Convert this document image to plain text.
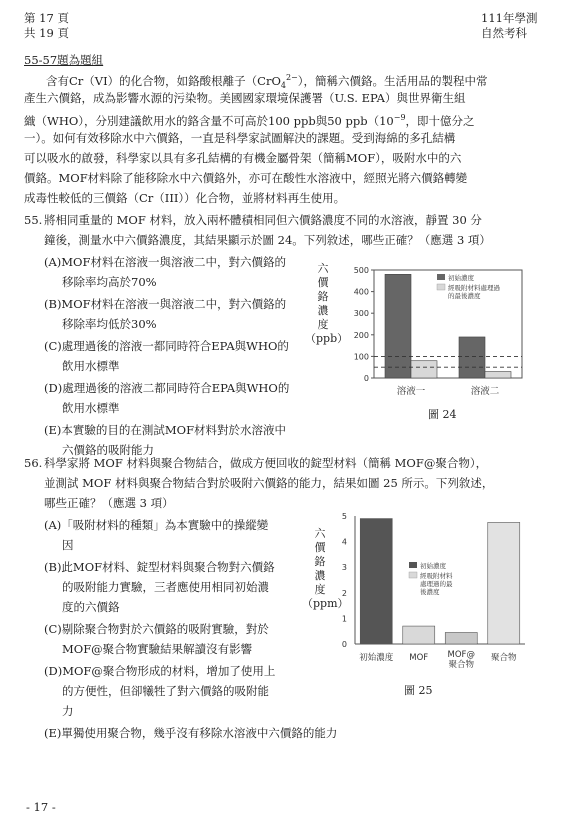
第 17 頁
共 19 頁
111年學測
自然考科
55-57題為題組
含有Cr（VI）的化合物，如鉻酸根離子（CrO$_4^{2-}$），簡稱六價鉻。生活用品的製程中常
產生六價鉻，成為影響水源的污染物。美國國家環境保護署（U.S. EPA）與世界衛生組
織（WHO），分別建議飲用水的鉻含量不可高於100 ppb與50 $ppb(10^{-9}$，即十億分之
一）。如何有效移除水中六價鉻，一直是科學家試圖解決的課題。受到海綿的多孔結構
可以吸水的啟發，科學家以具有多孔結構的有機金屬骨架（簡稱MOF），吸附水中的六
價鉻。MOF材料除了能移除水中六價鉻外，亦可在酸性水溶液中，經照光將六價鉻轉變
成毒性較低的三價鉻（Cr（III））化合物，並將材料再生使用。
55. 將相同重量的 MOF 材料，放入兩杯體積相同但六價鉻濃度不同的水溶液，靜置 30 分
鐘後，測量水中六價鉻濃度，其結果顯示於圖 24。下列敘述，哪些正確？（應選 3 項）
(A)MOF材料在溶液一與溶液二中，對六價鉻的
移除率均高於70%
(B)MOF材料在溶液一與溶液二中，對六價鉻的
移除率均低於30%
(C)處理過後的溶液一都同時符合EPA與WHO的
飲用水標準
(D)處理過後的溶液二都同時符合EPA與WHO的
飲用水標準
(E)本實驗的目的在測試MOF材料對於水溶液中
六價鉻的吸附能力
六
價
鉻
濃
度
（ppb）
0
100
200
300
400
500
溶液一	溶液二
初始濃度
經吸附材料處理過
的最後濃度
圖 24
56. 科學家將 MOF 材料與聚合物結合，做成方便回收的錠型材料（簡稱 MOF@聚合物），
並測試 MOF 材料與聚合物結合對於吸附六價鉻的能力，結果如圖 25 所示。下列敘述，
哪些正確？（應選 3 項）
(A)「吸附材料的種類」為本實驗中的操縱變
因
(B)此MOF材料、錠型材料與聚合物對六價鉻
的吸附能力實驗，三者應使用相同初始濃
度的六價鉻
(C)剔除聚合物對於六價鉻的吸附實驗，對於
MOF@聚合物實驗結果解讀沒有影響
(D)MOF@聚合物形成的材料，增加了使用上
的方便性，但卻犧牲了對六價鉻的吸附能
力
(E)單獨使用聚合物，幾乎沒有移除水溶液中六價鉻的能力
六
價
鉻
濃
度
（ppm）
0
1
2
3
4
5
初始濃度 MOF MOF@
聚合物
聚合物
初始濃度
經吸附材料
處理過的最
後濃度
圖 25
- 17 -
